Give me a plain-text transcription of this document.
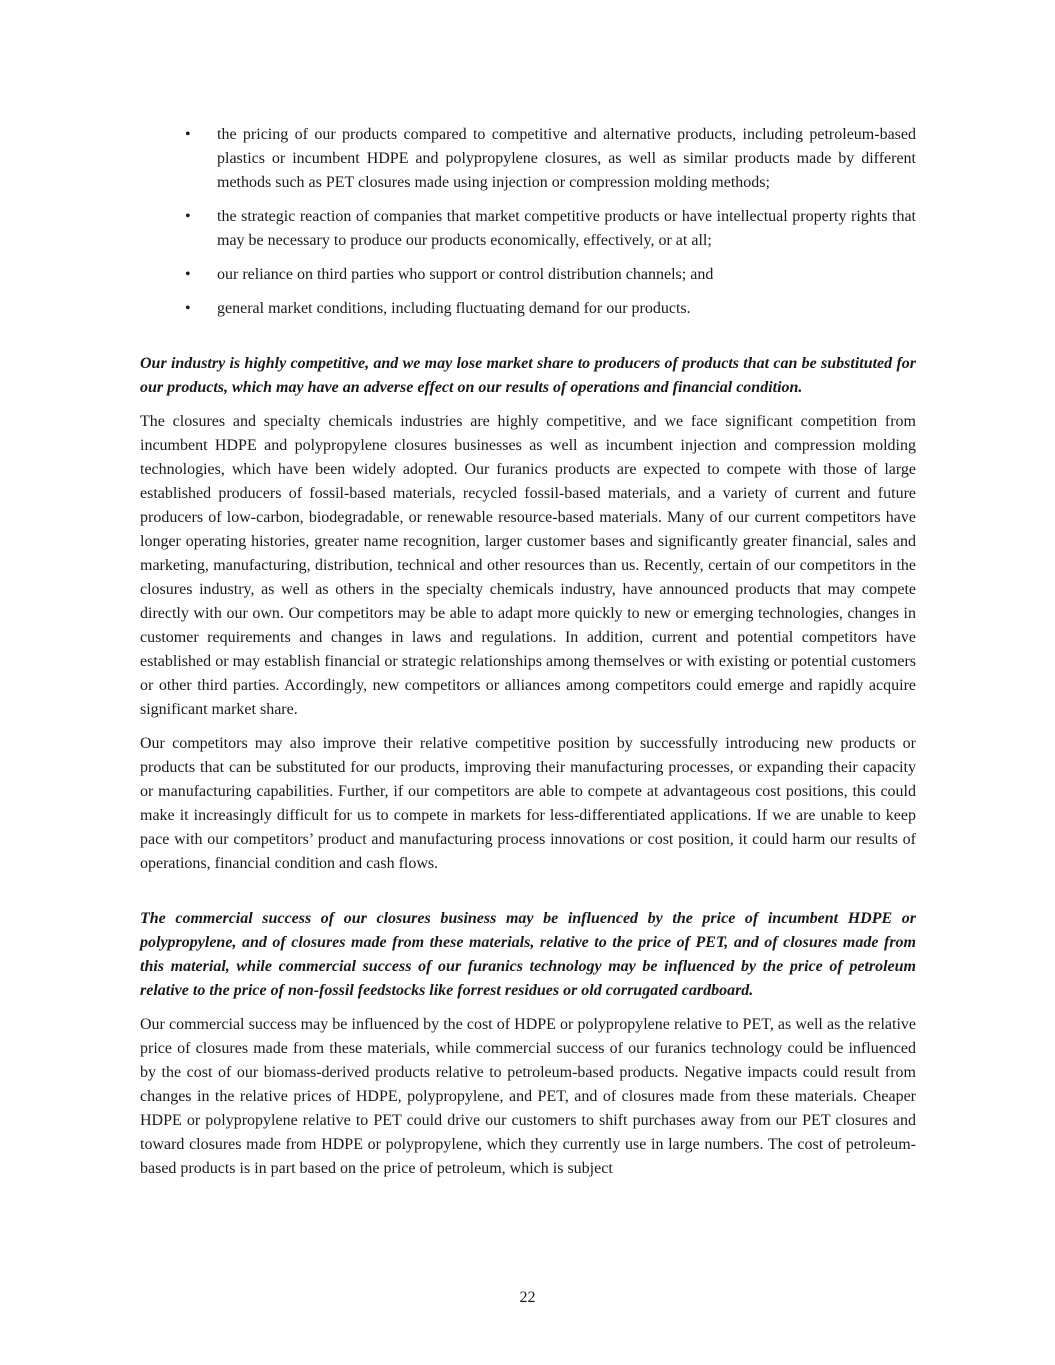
• the pricing of our products compared to competitive and alternative products, including petroleum-based plastics or incumbent HDPE and polypropylene closures, as well as similar products made by different methods such as PET closures made using injection or compression molding methods;
• the strategic reaction of companies that market competitive products or have intellectual property rights that may be necessary to produce our products economically, effectively, or at all;
• our reliance on third parties who support or control distribution channels; and
• general market conditions, including fluctuating demand for our products.

Our industry is highly competitive, and we may lose market share to producers of products that can be substituted for our products, which may have an adverse effect on our results of operations and financial condition.

The closures and specialty chemicals industries are highly competitive, and we face significant competition from incumbent HDPE and polypropylene closures businesses as well as incumbent injection and compression molding technologies, which have been widely adopted. Our furanics products are expected to compete with those of large established producers of fossil-based materials, recycled fossil-based materials, and a variety of current and future producers of low-carbon, biodegradable, or renewable resource-based materials. Many of our current competitors have longer operating histories, greater name recognition, larger customer bases and significantly greater financial, sales and marketing, manufacturing, distribution, technical and other resources than us. Recently, certain of our competitors in the closures industry, as well as others in the specialty chemicals industry, have announced products that may compete directly with our own. Our competitors may be able to adapt more quickly to new or emerging technologies, changes in customer requirements and changes in laws and regulations. In addition, current and potential competitors have established or may establish financial or strategic relationships among themselves or with existing or potential customers or other third parties. Accordingly, new competitors or alliances among competitors could emerge and rapidly acquire significant market share.

Our competitors may also improve their relative competitive position by successfully introducing new products or products that can be substituted for our products, improving their manufacturing processes, or expanding their capacity or manufacturing capabilities. Further, if our competitors are able to compete at advantageous cost positions, this could make it increasingly difficult for us to compete in markets for less-differentiated applications. If we are unable to keep pace with our competitors’ product and manufacturing process innovations or cost position, it could harm our results of operations, financial condition and cash flows.

The commercial success of our closures business may be influenced by the price of incumbent HDPE or polypropylene, and of closures made from these materials, relative to the price of PET, and of closures made from this material, while commercial success of our furanics technology may be influenced by the price of petroleum relative to the price of non-fossil feedstocks like forrest residues or old corrugated cardboard.

Our commercial success may be influenced by the cost of HDPE or polypropylene relative to PET, as well as the relative price of closures made from these materials, while commercial success of our furanics technology could be influenced by the cost of our biomass-derived products relative to petroleum-based products. Negative impacts could result from changes in the relative prices of HDPE, polypropylene, and PET, and of closures made from these materials. Cheaper HDPE or polypropylene relative to PET could drive our customers to shift purchases away from our PET closures and toward closures made from HDPE or polypropylene, which they currently use in large numbers. The cost of petroleum-based products is in part based on the price of petroleum, which is subject

22
